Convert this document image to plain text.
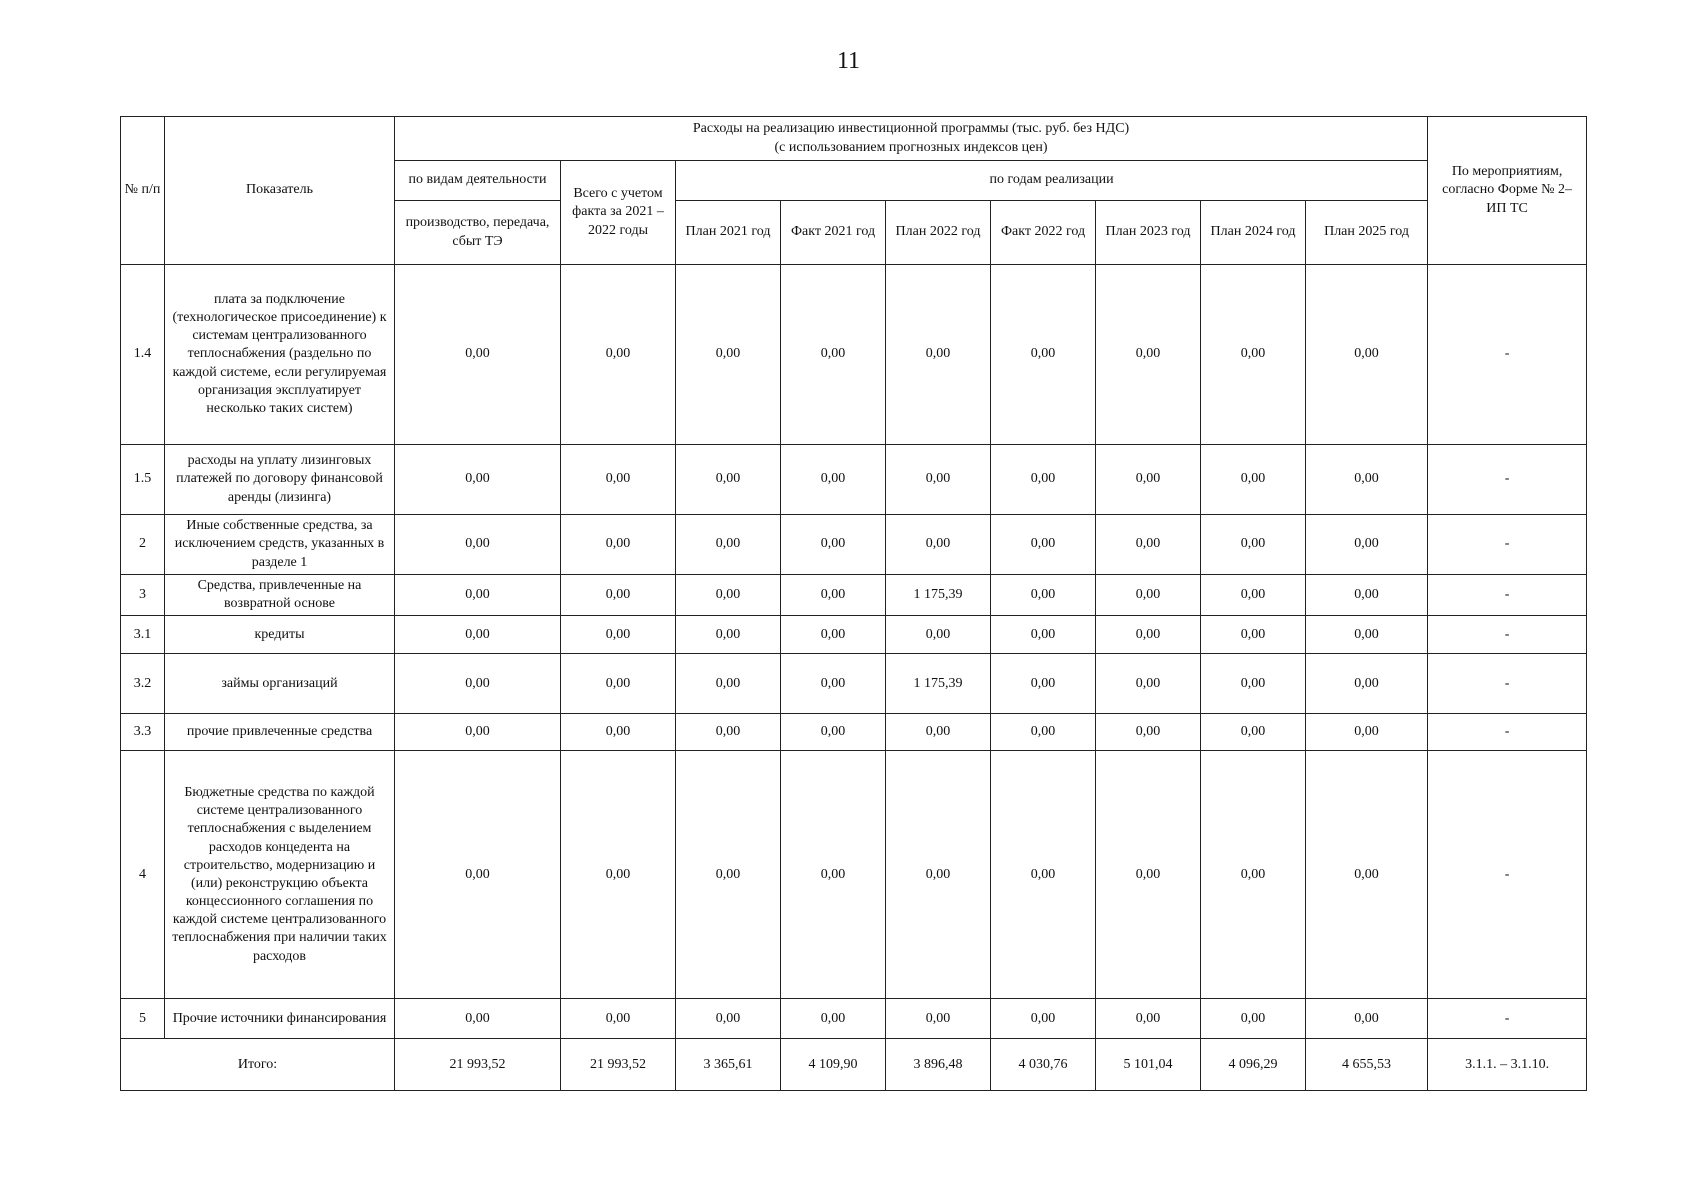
11
№ п/п	Показатель	Расходы на реализацию инвестиционной программы (тыс. руб. без НДС)
(с использованием прогнозных индексов цен)									По мероприятиям, согласно Форме № 2– ИП ТС
		по видам деятельности	Всего с учетом факта за 2021 – 2022 годы	по годам реализации							
		производство, передача, сбыт ТЭ		План 2021 год	Факт 2021 год	План 2022 год	Факт 2022 год	План 2023 год	План 2024 год	План 2025 год	
1.4	плата за подключение (технологическое присоединение) к системам централизованного теплоснабжения (раздельно по каждой системе, если регулируемая организация эксплуатирует несколько таких систем)	0,00	0,00	0,00	0,00	0,00	0,00	0,00	0,00	0,00	-
1.5	расходы на уплату лизинговых платежей по договору финансовой аренды (лизинга)	0,00	0,00	0,00	0,00	0,00	0,00	0,00	0,00	0,00	-
2	Иные собственные средства, за исключением средств, указанных в разделе 1	0,00	0,00	0,00	0,00	0,00	0,00	0,00	0,00	0,00	-
3	Средства, привлеченные на возвратной основе	0,00	0,00	0,00	0,00	1 175,39	0,00	0,00	0,00	0,00	-
3.1	кредиты	0,00	0,00	0,00	0,00	0,00	0,00	0,00	0,00	0,00	-
3.2	займы организаций	0,00	0,00	0,00	0,00	1 175,39	0,00	0,00	0,00	0,00	-
3.3	прочие привлеченные средства	0,00	0,00	0,00	0,00	0,00	0,00	0,00	0,00	0,00	-
4	Бюджетные средства по каждой системе централизованного теплоснабжения с выделением расходов концедента на строительство, модернизацию и (или) реконструкцию объекта концессионного соглашения по каждой системе централизованного теплоснабжения при наличии таких расходов	0,00	0,00	0,00	0,00	0,00	0,00	0,00	0,00	0,00	-
5	Прочие источники финансирования	0,00	0,00	0,00	0,00	0,00	0,00	0,00	0,00	0,00	-
Итого:		21 993,52	21 993,52	3 365,61	4 109,90	3 896,48	4 030,76	5 101,04	4 096,29	4 655,53	3.1.1. – 3.1.10.
